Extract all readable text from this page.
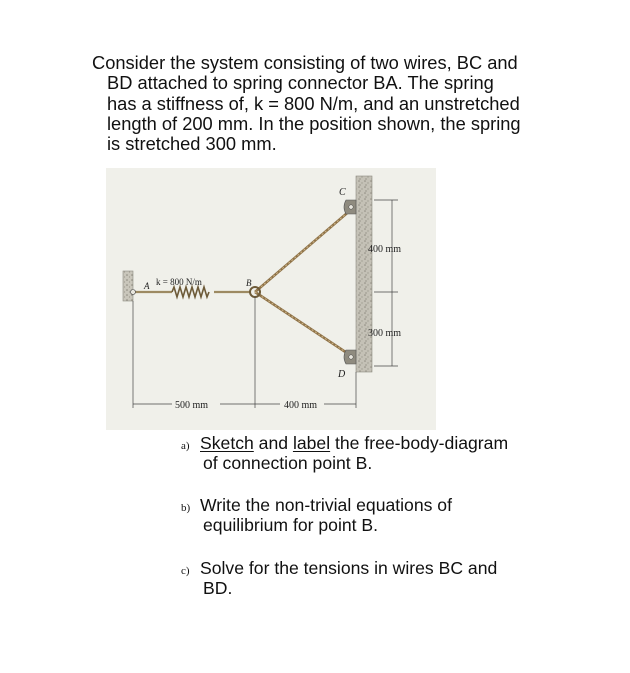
Consider the system consisting of two wires, BC and
BD attached to spring connector BA. The spring
has a stiffness of, k = 800 N/m, and an unstretched
length of 200 mm. In the position shown, the spring
is stretched 300 mm.
A	B
C
D
k = 800 N/m
400 mm
300 mm
500 mm	400 mm
a) Sketch and label the free-body-diagram
of connection point B.
b) Write the non-trivial equations of
equilibrium for point B.
c) Solve for the tensions in wires BC and
BD.
